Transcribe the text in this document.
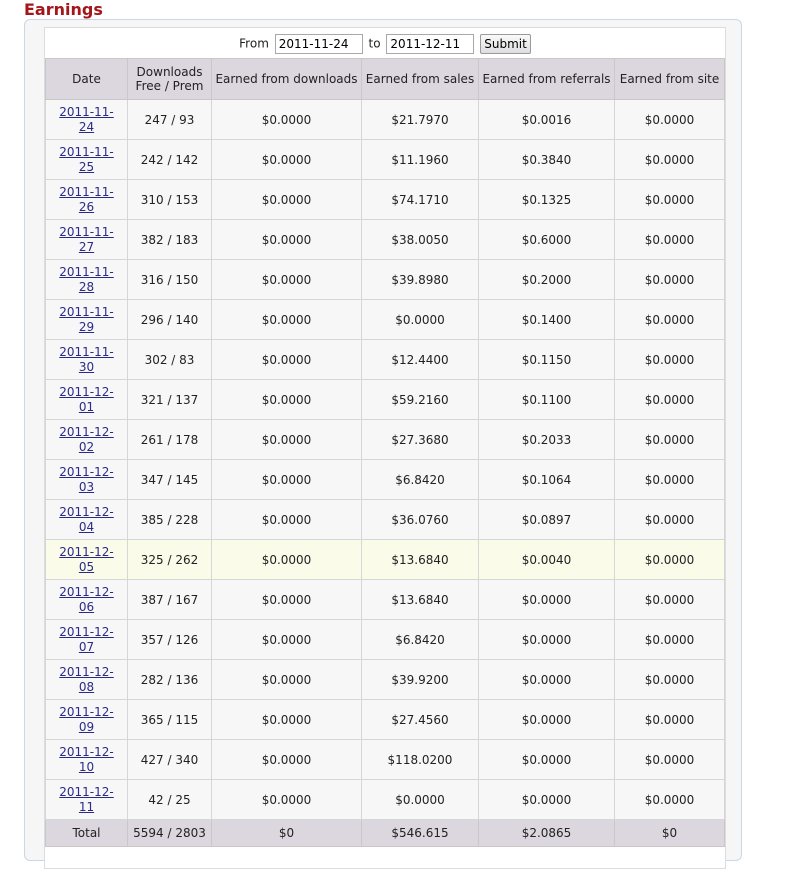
Earnings
From 2011-11-24	to 2011-12-11	Submit
Date	Downloads Free / Prem	Earned from downloads	Earned from sales	Earned from referrals	Earned from site
2011-11-24	247 / 93	$0.0000	$21.7970	$0.0016	$0.0000
2011-11-25	242 / 142	$0.0000	$11.1960	$0.3840	$0.0000
2011-11-26	310 / 153	$0.0000	$74.1710	$0.1325	$0.0000
2011-11-27	382 / 183	$0.0000	$38.0050	$0.6000	$0.0000
2011-11-28	316 / 150	$0.0000	$39.8980	$0.2000	$0.0000
2011-11-29	296 / 140	$0.0000	$0.0000	$0.1400	$0.0000
2011-11-30	302 / 83	$0.0000	$12.4400	$0.1150	$0.0000
2011-12-01	321 / 137	$0.0000	$59.2160	$0.1100	$0.0000
2011-12-02	261 / 178	$0.0000	$27.3680	$0.2033	$0.0000
2011-12-03	347 / 145	$0.0000	$6.8420	$0.1064	$0.0000
2011-12-04	385 / 228	$0.0000	$36.0760	$0.0897	$0.0000
2011-12-05	325 / 262	$0.0000	$13.6840	$0.0040	$0.0000
2011-12-06	387 / 167	$0.0000	$13.6840	$0.0000	$0.0000
2011-12-07	357 / 126	$0.0000	$6.8420	$0.0000	$0.0000
2011-12-08	282 / 136	$0.0000	$39.9200	$0.0000	$0.0000
2011-12-09	365 / 115	$0.0000	$27.4560	$0.0000	$0.0000
2011-12-10	427 / 340	$0.0000	$118.0200	$0.0000	$0.0000
2011-12-11	42 / 25	$0.0000	$0.0000	$0.0000	$0.0000
Total	5594 / 2803	$0	$546.615	$2.0865	$0
